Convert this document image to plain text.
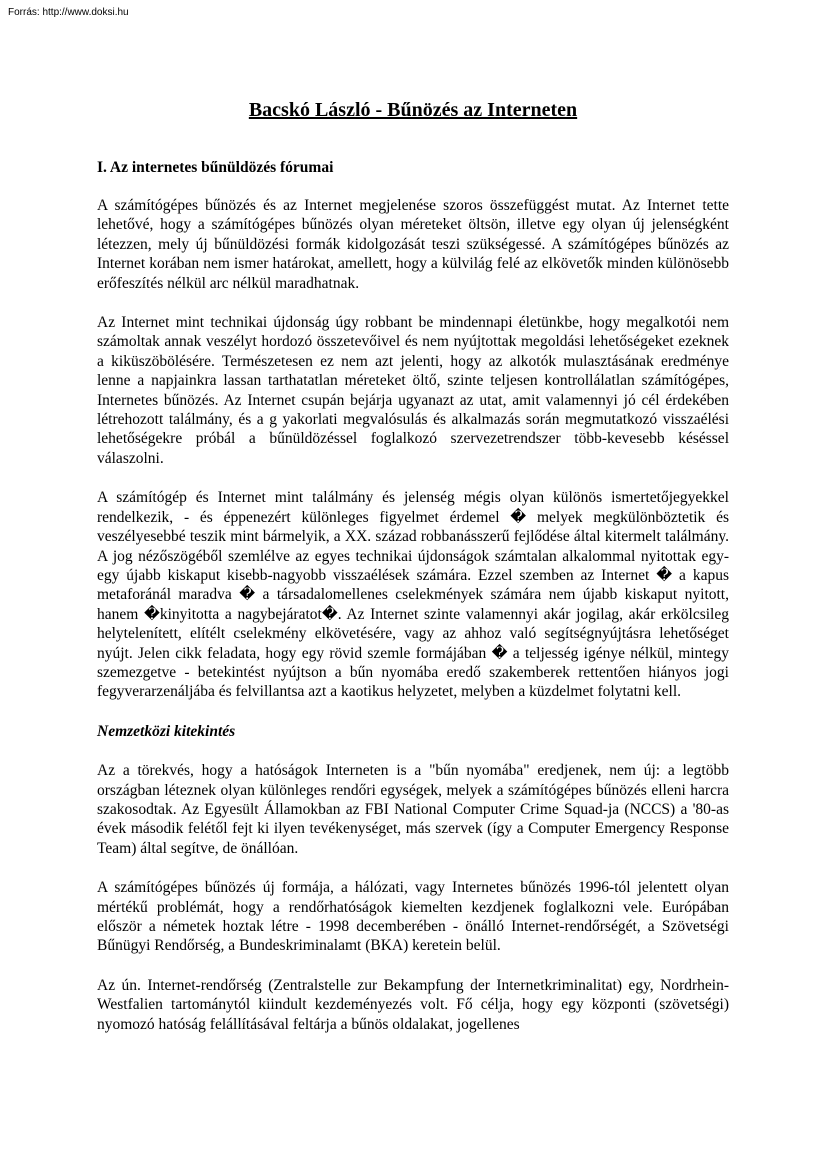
Forrás: http://www.doksi.hu
Bacskó László - Bűnözés az Interneten
I. Az internetes bűnüldözés fórumai

A számítógépes bűnözés és az Internet megjelenése szoros összefüggést mutat. Az Internet tette lehetővé, hogy a számítógépes bűnözés olyan méreteket öltsön, illetve egy olyan új jelenségként létezzen, mely új bűnüldözési formák kidolgozását teszi szükségessé. A számítógépes bűnözés az Internet korában nem ismer határokat, amellett, hogy a külvilág felé az elkövetők minden különösebb erőfeszítés nélkül arc nélkül maradhatnak.

Az Internet mint technikai újdonság úgy robbant be mindennapi életünkbe, hogy megalkotói nem számoltak annak veszélyt hordozó összetevőivel és nem nyújtottak megoldási lehetőségeket ezeknek a kiküszöbölésére. Természetesen ez nem azt jelenti, hogy az alkotók mulasztásának eredménye lenne a napjainkra lassan tarthatatlan méreteket öltő, szinte teljesen kontrollálatlan számítógépes, Internetes bűnözés. Az Internet csupán bejárja ugyanazt az utat, amit valamennyi jó cél érdekében létrehozott találmány, és a g yakorlati megvalósulás és alkalmazás során megmutatkozó visszaélési lehetőségekre próbál a bűnüldözéssel foglalkozó szervezetrendszer több-kevesebb késéssel válaszolni.

A számítógép és Internet mint találmány és jelenség mégis olyan különös ismertetőjegyekkel rendelkezik, - és éppenezért különleges figyelmet érdemel � melyek megkülönböztetik és veszélyesebbé teszik mint bármelyik, a XX. század robbanásszerű fejlődése által kitermelt találmány. A jog nézőszögéből szemlélve az egyes technikai újdonságok számtalan alkalommal nyitottak egy-egy újabb kiskaput kisebb-nagyobb visszaélések számára. Ezzel szemben az Internet � a kapus metaforánál maradva � a társadalomellenes cselekmények számára nem újabb kiskaput nyitott, hanem �kinyitotta a nagybejáratot�. Az Internet szinte valamennyi akár jogilag, akár erkölcsileg helytelenített, elítélt cselekmény elkövetésére, vagy az ahhoz való segítségnyújtásra lehetőséget nyújt. Jelen cikk feladata, hogy egy rövid szemle formájában � a teljesség igénye nélkül, mintegy szemezgetve - betekintést nyújtson a bűn nyomába eredő szakemberek rettentően hiányos jogi fegyverarzenáljába és felvillantsa azt a kaotikus helyzetet, melyben a küzdelmet folytatni kell.

Nemzetközi kitekintés

Az a törekvés, hogy a hatóságok Interneten is a "bűn nyomába" eredjenek, nem új: a legtöbb országban léteznek olyan különleges rendőri egységek, melyek a számítógépes bűnözés elleni harcra szakosodtak. Az Egyesült Államokban az FBI National Computer Crime Squad-ja (NCCS) a '80-as évek második felétől fejt ki ilyen tevékenységet, más szervek (így a Computer Emergency Response Team) által segítve, de önállóan.

A számítógépes bűnözés új formája, a hálózati, vagy Internetes bűnözés 1996-tól jelentett olyan mértékű problémát, hogy a rendőrhatóságok kiemelten kezdjenek foglalkozni vele. Európában először a németek hoztak létre - 1998 decemberében - önálló Internet-rendőrségét, a Szövetségi Bűnügyi Rendőrség, a Bundeskriminalamt (BKA) keretein belül.

Az ún. Internet-rendőrség (Zentralstelle zur Bekampfung der Internetkriminalitat) egy, Nordrhein-Westfalien tartománytól kiindult kezdeményezés volt. Fő célja, hogy egy központi (szövetségi) nyomozó hatóság felállításával feltárja a bűnös oldalakat, jogellenes
